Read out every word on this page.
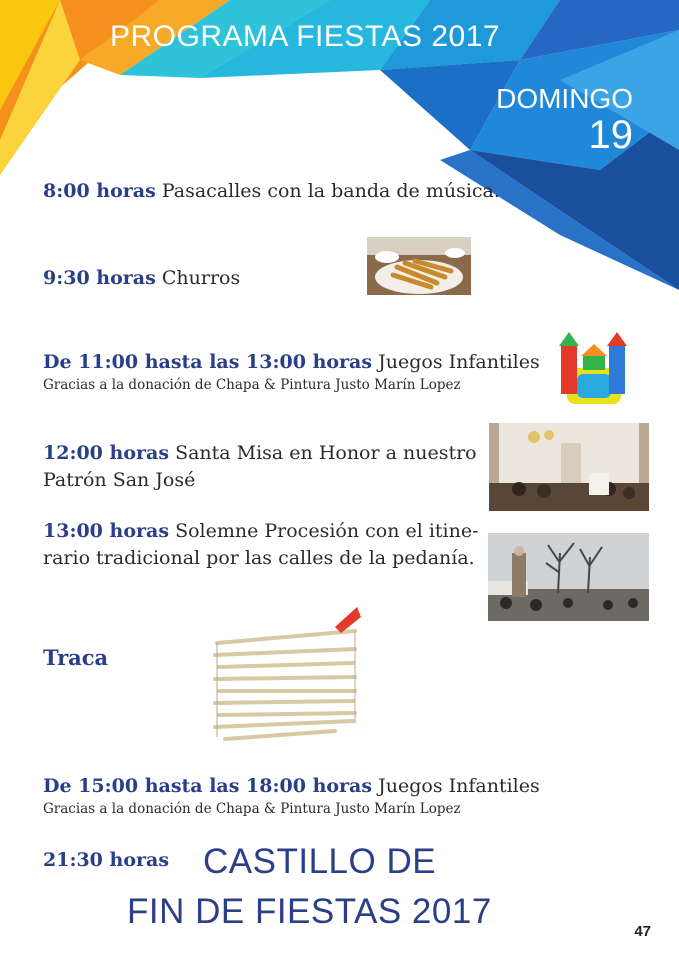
PROGRAMA FIESTAS 2017
DOMINGO
19
8:00 horas Pasacalles con la banda de música.
9:30 horas Churros
De 11:00 hasta las 13:00 horas Juegos Infantiles
Gracias a la donación de Chapa & Pintura Justo Marín Lopez
12:00 horas Santa Misa en Honor a nuestro
Patrón San José
13:00 horas Solemne Procesión con el itine-
rario tradicional por las calles de la pedanía.
Traca
De 15:00 hasta las 18:00 horas Juegos Infantiles
Gracias a la donación de Chapa & Pintura Justo Marín Lopez
21:30 horas CASTILLO DE
FIN DE FIESTAS 2017
47
